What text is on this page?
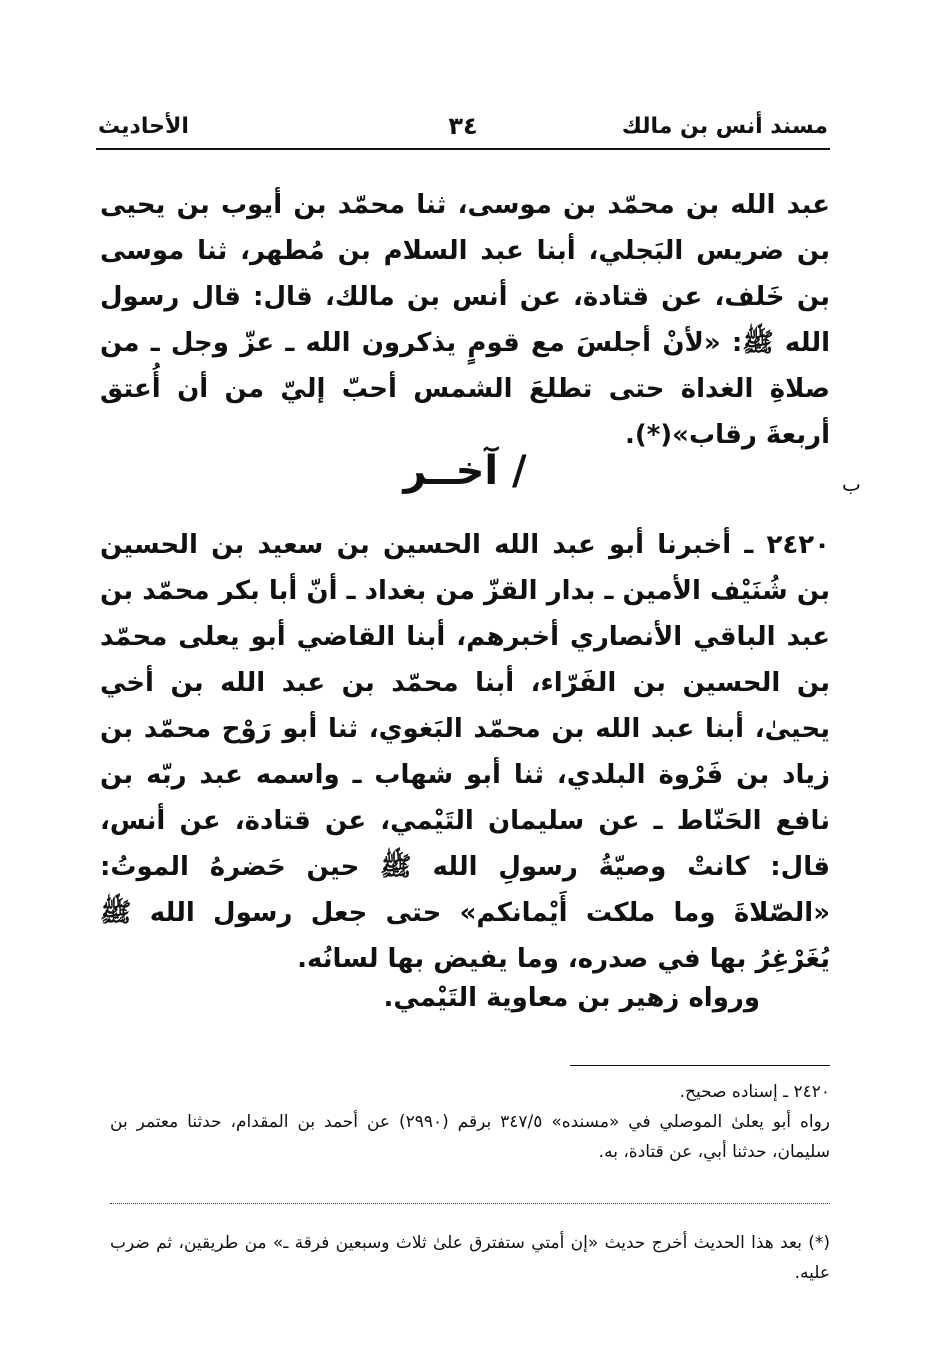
مسند أنس بن مالك
٣٤
الأحاديث
عبد الله بن محمّد بن موسى، ثنا محمّد بن أيوب بن يحيى بن ضريس البَجلي، أبنا عبد السلام بن مُطهر، ثنا موسى بن خَلف، عن قتادة، عن أنس بن مالك، قال: قال رسول الله ﷺ: «لأنْ أجلسَ مع قومٍ يذكرون الله ـ عزّ وجل ـ من صلاةِ الغداة حتى تطلعَ الشمس أحبّ إليّ من أن أُعتق أربعةَ رقاب»(*).
/ آخــر	ب
٢٤٢٠ ـ أخبرنا أبو عبد الله الحسين بن سعيد بن الحسين بن شُنَيْف الأمين ـ بدار القزّ من بغداد ـ أنّ أبا بكر محمّد بن عبد الباقي الأنصاري أخبرهم، أبنا القاضي أبو يعلى محمّد بن الحسين بن الفَرّاء، أبنا محمّد بن عبد الله بن أخي يحيىٰ، أبنا عبد الله بن محمّد البَغوي، ثنا أبو رَوْح محمّد بن زياد بن فَرْوة البلدي، ثنا أبو شهاب ـ واسمه عبد ربّه بن نافع الحَنّاط ـ عن سليمان التَيْمي، عن قتادة، عن أنس، قال: كانتْ وصيّةُ رسولِ الله ﷺ حين حَضرهُ الموتُ: «الصّلاةَ وما ملكت أَيْمانكم» حتى جعل رسول الله ﷺ يُغَرْغِرُ بها في صدره، وما يفيض بها لسانُه.
ورواه زهير بن معاوية التَيْمي.

٢٤٢٠ ـ إسناده صحيح.

رواه أبو يعلىٰ الموصلي في «مسنده» ٣٤٧/٥ برقم (٢٩٩٠) عن أحمد بن المقدام، حدثنا معتمر بن سليمان، حدثنا أبي، عن قتادة، به.

(*) بعد هذا الحديث أخرج حديث «إن أمتي ستفترق علىٰ ثلاث وسبعين فرقة ـ» من طريقين، ثم ضرب عليه.
